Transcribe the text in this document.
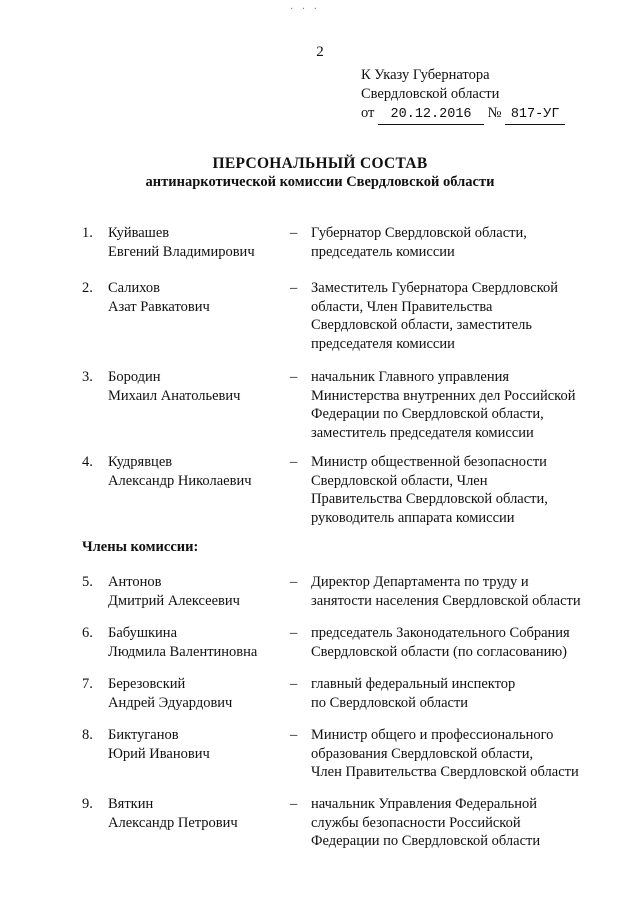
· · ·
2
К Указу Губернатора
Свердловской области
от 20.12.2016 № 817-УГ
ПЕРСОНАЛЬНЫЙ СОСТАВ
антинаркотической комиссии Свердловской области
1. Куйвашев
Евгений Владимирович
– Губернатор Свердловской области,
председатель комиссии
2. Салихов
Азат Равкатович
– Заместитель Губернатора Свердловской
области, Член Правительства
Свердловской области, заместитель
председателя комиссии
3. Бородин
Михаил Анатольевич
– начальник Главного управления
Министерства внутренних дел Российской
Федерации по Свердловской области,
заместитель председателя комиссии
4. Кудрявцев
Александр Николаевич
– Министр общественной безопасности
Свердловской области, Член
Правительства Свердловской области,
руководитель аппарата комиссии
Члены комиссии:
5. Антонов
Дмитрий Алексеевич
– Директор Департамента по труду и
занятости населения Свердловской области
6. Бабушкина
Людмила Валентиновна
– председатель Законодательного Собрания
Свердловской области (по согласованию)
7. Березовский
Андрей Эдуардович
– главный федеральный инспектор
по Свердловской области
8. Биктуганов
Юрий Иванович
– Министр общего и профессионального
образования Свердловской области,
Член Правительства Свердловской области
9. Вяткин
Александр Петрович
– начальник Управления Федеральной
службы безопасности Российской
Федерации по Свердловской области
